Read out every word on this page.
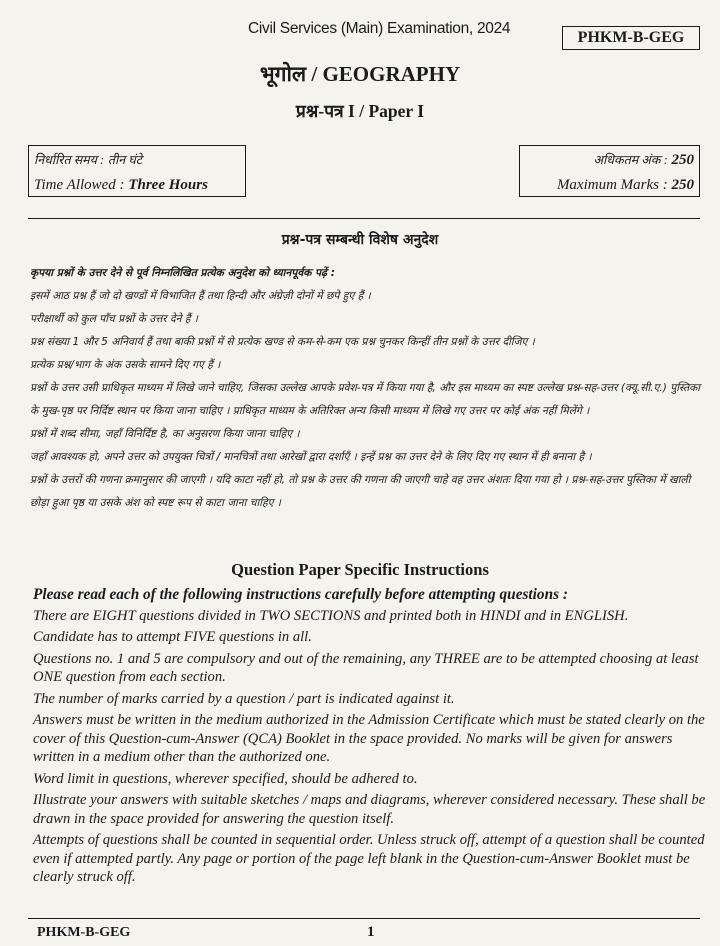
Civil Services (Main) Examination, 2024
PHKM-B-GEG
भूगोल / GEOGRAPHY
प्रश्न-पत्र I / Paper I
निर्धारित समय : तीन घंटे
Time Allowed : Three Hours
अधिकतम अंक : 250
Maximum Marks : 250
प्रश्न-पत्र सम्बन्धी विशेष अनुदेश

कृपया प्रश्नों के उत्तर देने से पूर्व निम्नलिखित प्रत्येक अनुदेश को ध्यानपूर्वक पढ़ें :

इसमें आठ प्रश्न हैं जो दो खण्डों में विभाजित हैं तथा हिन्दी और अंग्रेज़ी दोनों में छपे हुए हैं ।

परीक्षार्थी को कुल पाँच प्रश्नों के उत्तर देने हैं ।

प्रश्न संख्या 1 और 5 अनिवार्य हैं तथा बाकी प्रश्नों में से प्रत्येक खण्ड से कम-से-कम एक प्रश्न चुनकर किन्हीं तीन प्रश्नों के उत्तर दीजिए ।

प्रत्येक प्रश्न/भाग के अंक उसके सामने दिए गए हैं ।

प्रश्नों के उत्तर उसी प्राधिकृत माध्यम में लिखे जाने चाहिए, जिसका उल्लेख आपके प्रवेश-पत्र में किया गया है, और इस माध्यम का स्पष्ट उल्लेख प्रश्न-सह-उत्तर (क्यू.सी.ए.) पुस्तिका के मुख-पृष्ठ पर निर्दिष्ट स्थान पर किया जाना चाहिए । प्राधिकृत माध्यम के अतिरिक्त अन्य किसी माध्यम में लिखे गए उत्तर पर कोई अंक नहीं मिलेंगे ।

प्रश्नों में शब्द सीमा, जहाँ विनिर्दिष्ट है, का अनुसरण किया जाना चाहिए ।

जहाँ आवश्यक हो, अपने उत्तर को उपयुक्त चित्रों / मानचित्रों तथा आरेखों द्वारा दर्शाएँ । इन्हें प्रश्न का उत्तर देने के लिए दिए गए स्थान में ही बनाना है ।

प्रश्नों के उत्तरों की गणना क्रमानुसार की जाएगी । यदि काटा नहीं हो, तो प्रश्न के उत्तर की गणना की जाएगी चाहे वह उत्तर अंशतः दिया गया हो । प्रश्न-सह-उत्तर पुस्तिका में खाली छोड़ा हुआ पृष्ठ या उसके अंश को स्पष्ट रूप से काटा जाना चाहिए ।

Question Paper Specific Instructions

Please read each of the following instructions carefully before attempting questions :

There are EIGHT questions divided in TWO SECTIONS and printed both in HINDI and in ENGLISH.

Candidate has to attempt FIVE questions in all.

Questions no. 1 and 5 are compulsory and out of the remaining, any THREE are to be attempted choosing at least ONE question from each section.

The number of marks carried by a question / part is indicated against it.

Answers must be written in the medium authorized in the Admission Certificate which must be stated clearly on the cover of this Question-cum-Answer (QCA) Booklet in the space provided. No marks will be given for answers written in a medium other than the authorized one.

Word limit in questions, wherever specified, should be adhered to.

Illustrate your answers with suitable sketches / maps and diagrams, wherever considered necessary. These shall be drawn in the space provided for answering the question itself.

Attempts of questions shall be counted in sequential order. Unless struck off, attempt of a question shall be counted even if attempted partly. Any page or portion of the page left blank in the Question-cum-Answer Booklet must be clearly struck off.

PHKM-B-GEG	1
